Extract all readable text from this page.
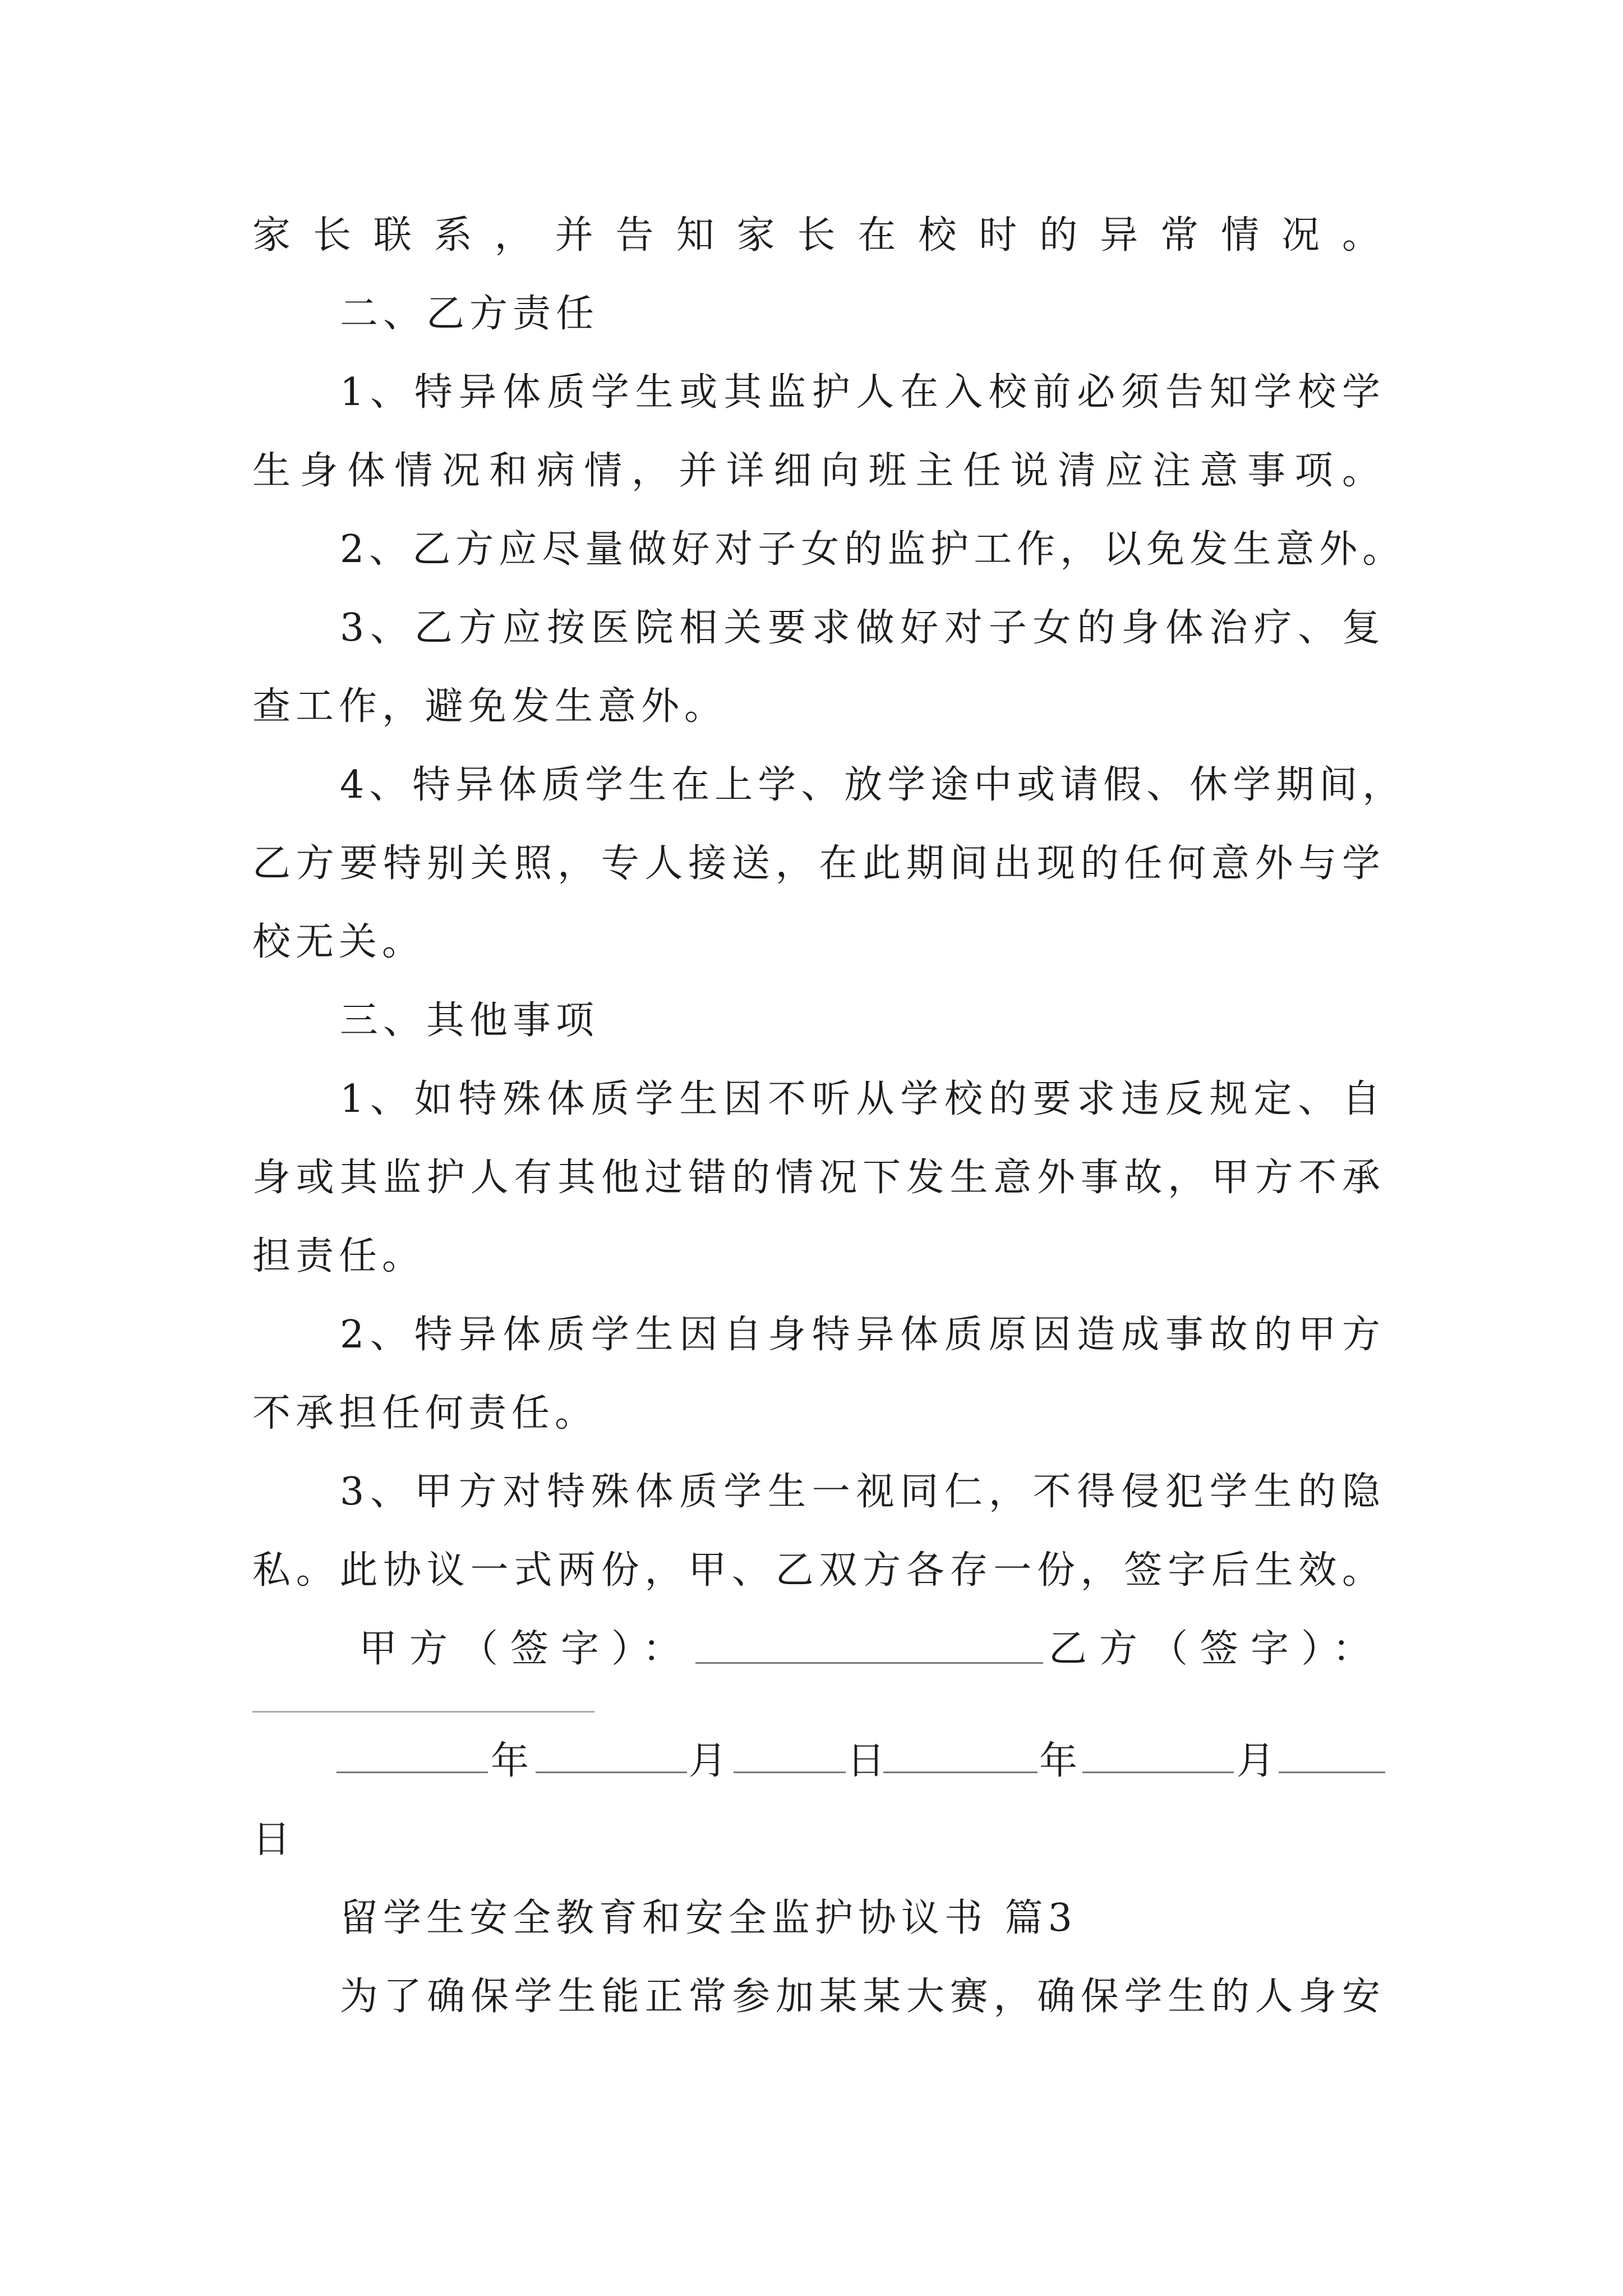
家长联系，并告知家长在校时的异常情况。
二、乙方责任
1、特异体质学生或其监护人在入校前必须告知学校学
生身体情况和病情，并详细向班主任说清应注意事项。
2、乙方应尽量做好对子女的监护工作，以免发生意外。
3、乙方应按医院相关要求做好对子女的身体治疗、复
查工作，避免发生意外。
4、特异体质学生在上学、放学途中或请假、休学期间，
乙方要特别关照，专人接送，在此期间出现的任何意外与学
校无关。
三、其他事项
1、如特殊体质学生因不听从学校的要求违反规定、自
身或其监护人有其他过错的情况下发生意外事故，甲方不承
担责任。
2、特异体质学生因自身特异体质原因造成事故的甲方
不承担任何责任。
3、甲方对特殊体质学生一视同仁，不得侵犯学生的隐
私。此协议一式两份，甲、乙双方各存一份，签字后生效。
甲方（签字）：	乙方（签字）：
年	月	日	年	月
日
留学生安全教育和安全监护协议书 篇3
为了确保学生能正常参加某某大赛，确保学生的人身安
